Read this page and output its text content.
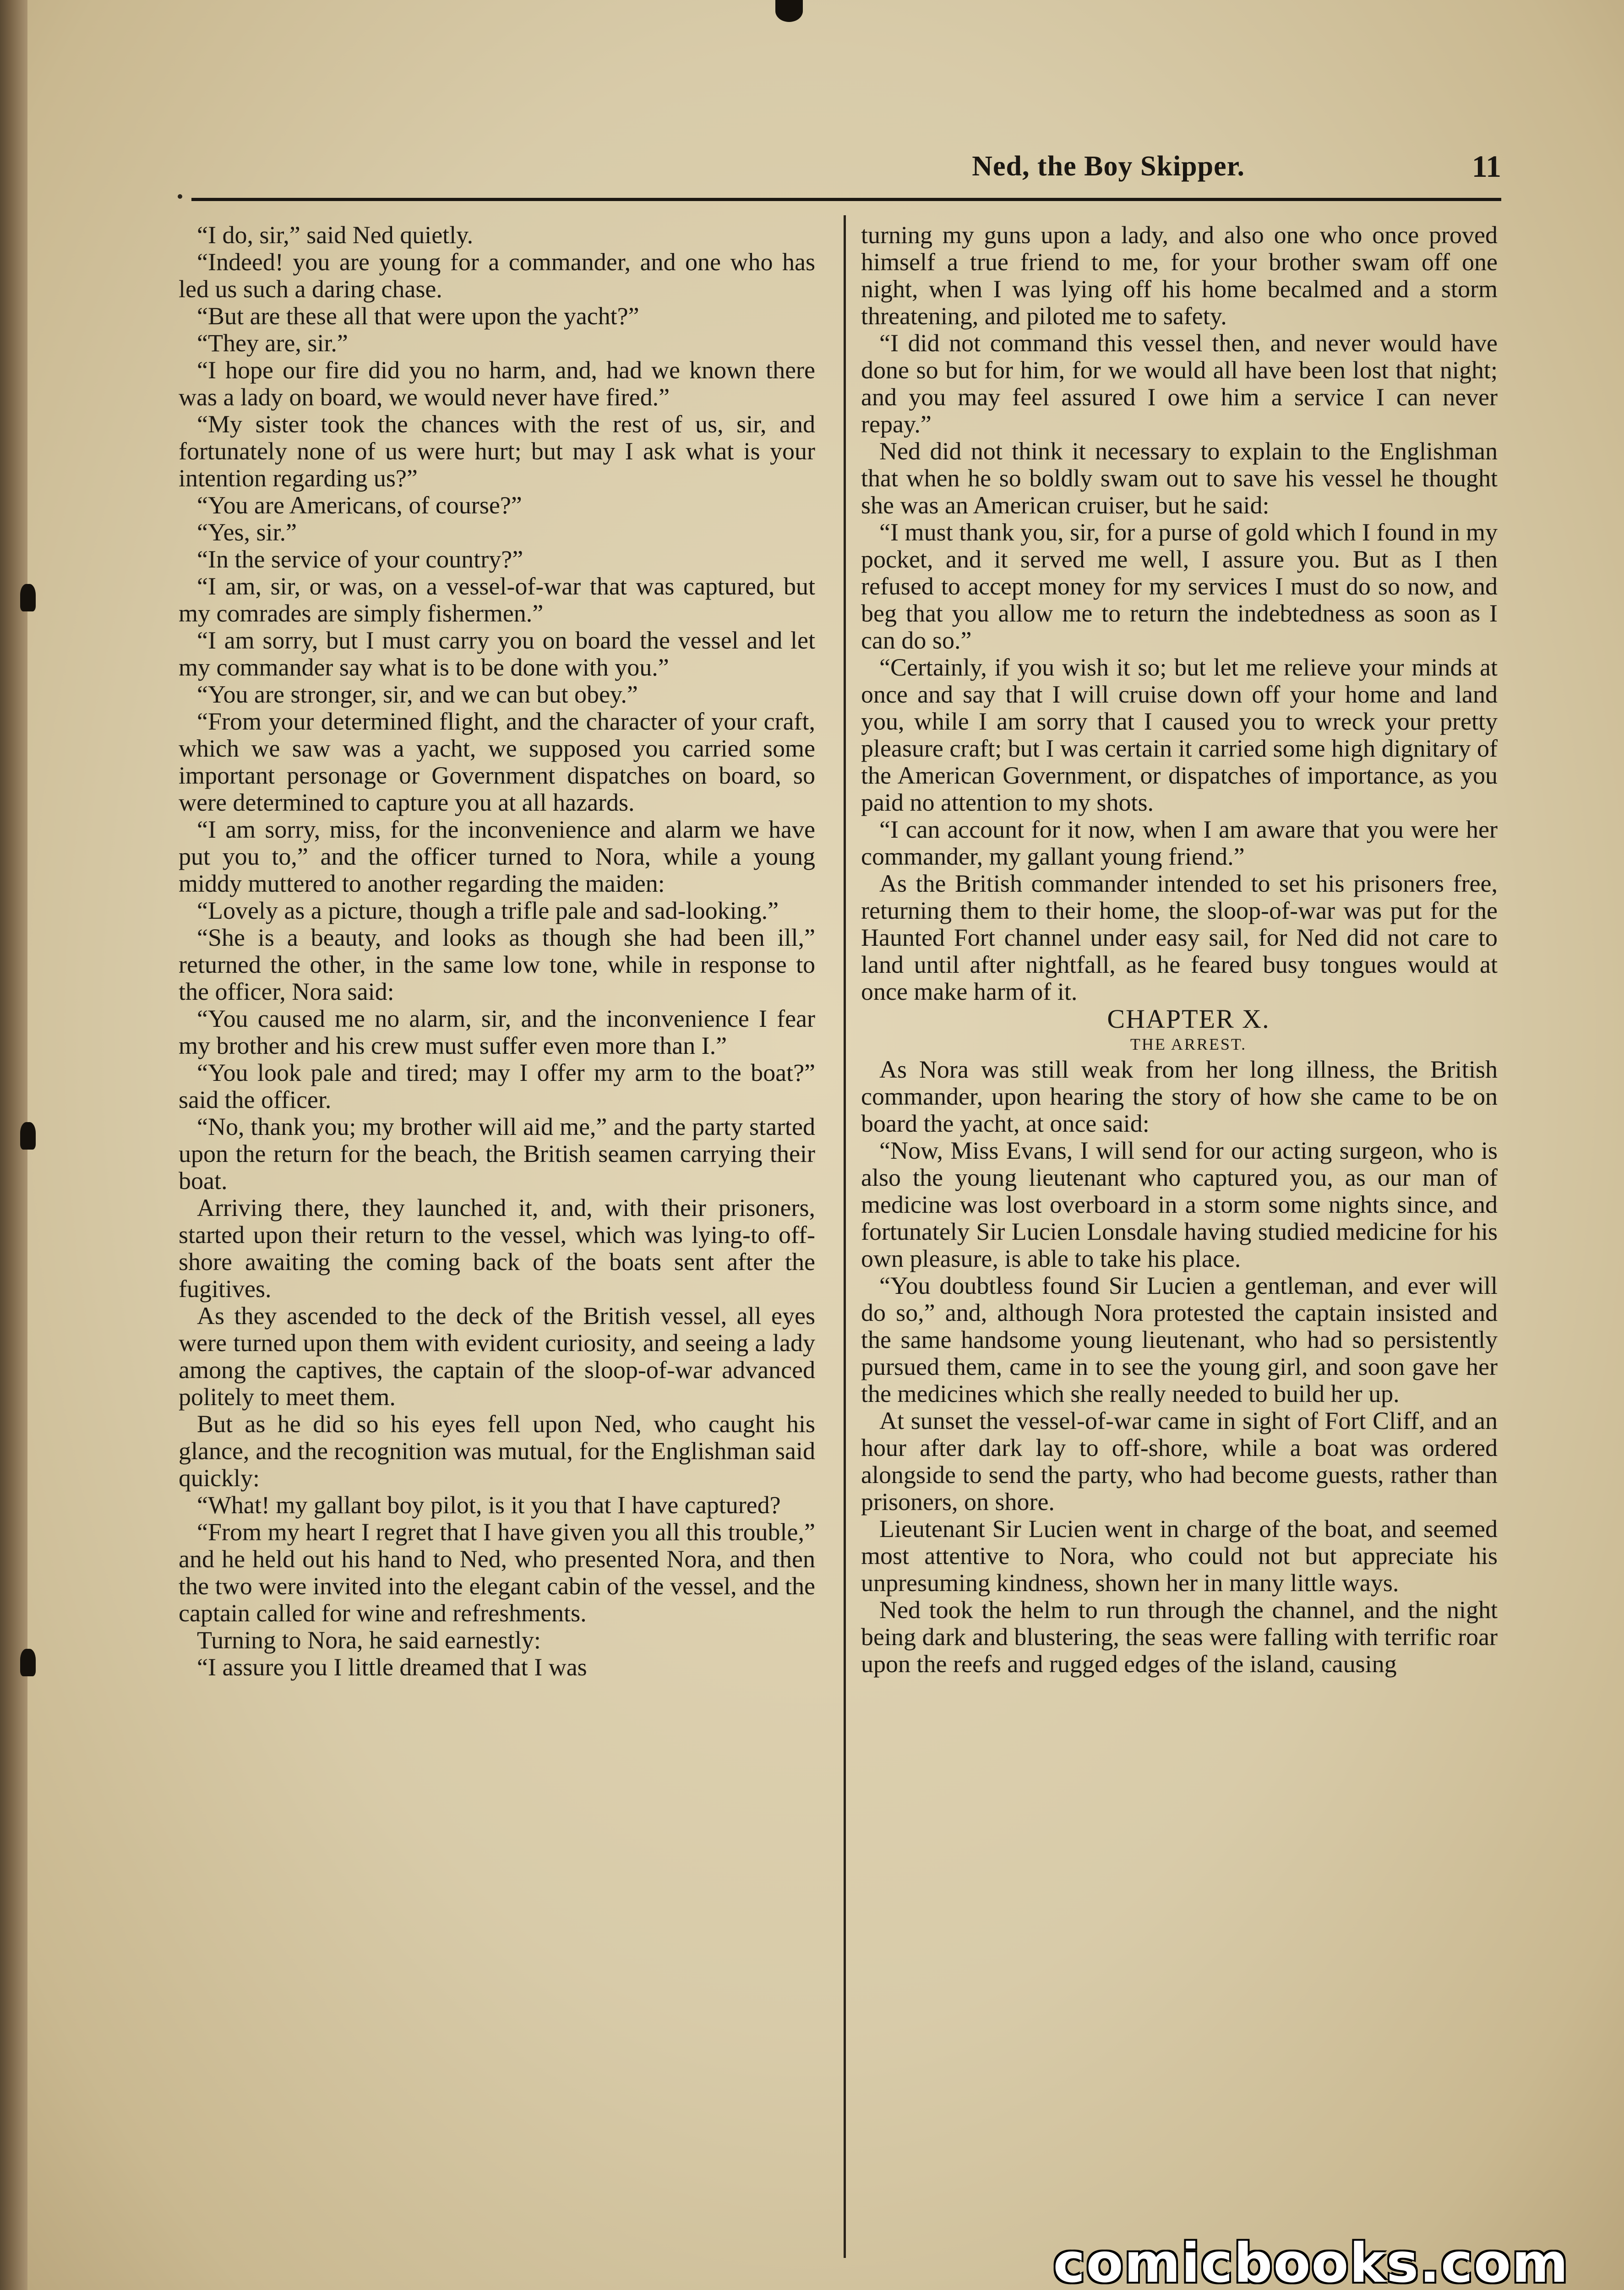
Ned, the Boy Skipper.	11

“I do, sir,” said Ned quietly.

“Indeed! you are young for a commander, and one who has led us such a daring chase.

“But are these all that were upon the yacht?”

“They are, sir.”

“I hope our fire did you no harm, and, had we known there was a lady on board, we would never have fired.”

“My sister took the chances with the rest of us, sir, and fortunately none of us were hurt; but may I ask what is your intention regarding us?”

“You are Americans, of course?”

“Yes, sir.”

“In the service of your country?”

“I am, sir, or was, on a vessel-of-war that was captured, but my comrades are simply fishermen.”

“I am sorry, but I must carry you on board the vessel and let my commander say what is to be done with you.”

“You are stronger, sir, and we can but obey.”

“From your determined flight, and the character of your craft, which we saw was a yacht, we supposed you carried some important personage or Government dispatches on board, so were determined to capture you at all hazards.

“I am sorry, miss, for the inconvenience and alarm we have put you to,” and the officer turned to Nora, while a young middy muttered to another regarding the maiden:

“Lovely as a picture, though a trifle pale and sad-looking.”

“She is a beauty, and looks as though she had been ill,” returned the other, in the same low tone, while in response to the officer, Nora said:

“You caused me no alarm, sir, and the inconvenience I fear my brother and his crew must suffer even more than I.”

“You look pale and tired; may I offer my arm to the boat?” said the officer.

“No, thank you; my brother will aid me,” and the party started upon the return for the beach, the British seamen carrying their boat.

Arriving there, they launched it, and, with their prisoners, started upon their return to the vessel, which was lying-to off-shore awaiting the coming back of the boats sent after the fugitives.

As they ascended to the deck of the British vessel, all eyes were turned upon them with evident curiosity, and seeing a lady among the captives, the captain of the sloop-of-war advanced politely to meet them.

But as he did so his eyes fell upon Ned, who caught his glance, and the recognition was mutual, for the Englishman said quickly:

“What! my gallant boy pilot, is it you that I have captured?

“From my heart I regret that I have given you all this trouble,” and he held out his hand to Ned, who presented Nora, and then the two were invited into the elegant cabin of the vessel, and the captain called for wine and refreshments.

Turning to Nora, he said earnestly:

“I assure you I little dreamed that I was

turning my guns upon a lady, and also one who once proved himself a true friend to me, for your brother swam off one night, when I was lying off his home becalmed and a storm threatening, and piloted me to safety.

“I did not command this vessel then, and never would have done so but for him, for we would all have been lost that night; and you may feel assured I owe him a service I can never repay.”

Ned did not think it necessary to explain to the Englishman that when he so boldly swam out to save his vessel he thought she was an American cruiser, but he said:

“I must thank you, sir, for a purse of gold which I found in my pocket, and it served me well, I assure you. But as I then refused to accept money for my services I must do so now, and beg that you allow me to return the indebtedness as soon as I can do so.”

“Certainly, if you wish it so; but let me relieve your minds at once and say that I will cruise down off your home and land you, while I am sorry that I caused you to wreck your pretty pleasure craft; but I was certain it carried some high dignitary of the American Government, or dispatches of importance, as you paid no attention to my shots.

“I can account for it now, when I am aware that you were her commander, my gallant young friend.”

As the British commander intended to set his prisoners free, returning them to their home, the sloop-of-war was put for the Haunted Fort channel under easy sail, for Ned did not care to land until after nightfall, as he feared busy tongues would at once make harm of it.

CHAPTER X.

THE ARREST.

As Nora was still weak from her long illness, the British commander, upon hearing the story of how she came to be on board the yacht, at once said:

“Now, Miss Evans, I will send for our acting surgeon, who is also the young lieutenant who captured you, as our man of medicine was lost overboard in a storm some nights since, and fortunately Sir Lucien Lonsdale having studied medicine for his own pleasure, is able to take his place.

“You doubtless found Sir Lucien a gentleman, and ever will do so,” and, although Nora protested the captain insisted and the same handsome young lieutenant, who had so persistently pursued them, came in to see the young girl, and soon gave her the medicines which she really needed to build her up.

At sunset the vessel-of-war came in sight of Fort Cliff, and an hour after dark lay to off-shore, while a boat was ordered alongside to send the party, who had become guests, rather than prisoners, on shore.

Lieutenant Sir Lucien went in charge of the boat, and seemed most attentive to Nora, who could not but appreciate his unpresuming kindness, shown her in many little ways.

Ned took the helm to run through the channel, and the night being dark and blustering, the seas were falling with terrific roar upon the reefs and rugged edges of the island, causing

comicbooks.com
